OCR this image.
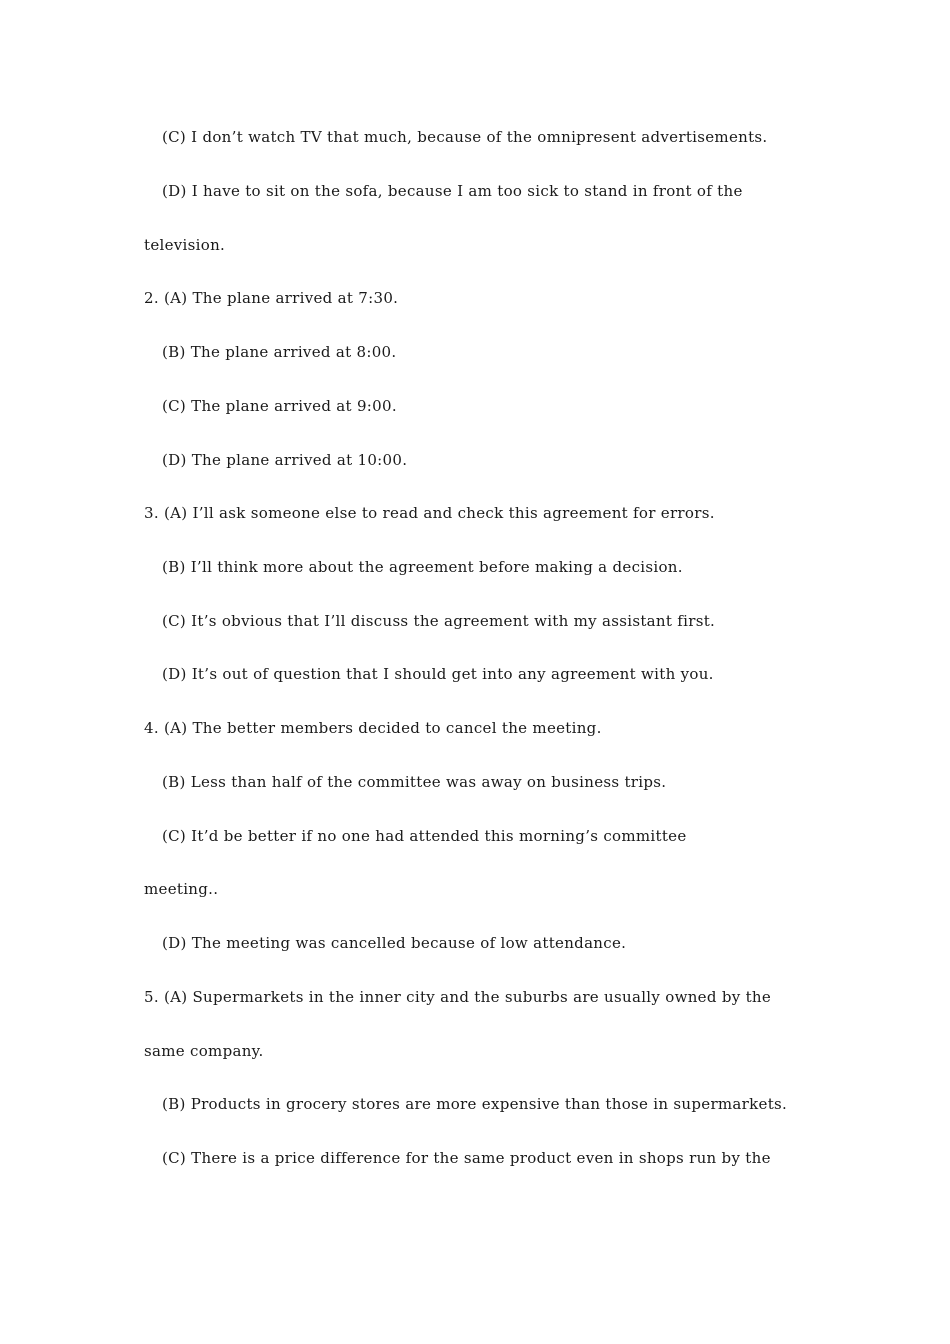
(C) I don’t watch TV that much, because of the omnipresent advertisements.
(D) I have to sit on the sofa, because I am too sick to stand in front of the
television.
2. (A) The plane arrived at 7:30.
(B) The plane arrived at 8:00.
(C) The plane arrived at 9:00.
(D) The plane arrived at 10:00.
3. (A) I’ll ask someone else to read and check this agreement for errors.
(B) I’ll think more about the agreement before making a decision.
(C) It’s obvious that I’ll discuss the agreement with my assistant first.
(D) It’s out of question that I should get into any agreement with you.
4. (A) The better members decided to cancel the meeting.
(B) Less than half of the committee was away on business trips.
(C) It’d be better if no one had attended this morning’s committee
meeting..
(D) The meeting was cancelled because of low attendance.
5. (A) Supermarkets in the inner city and the suburbs are usually owned by the
same company.
(B) Products in grocery stores are more expensive than those in supermarkets.
(C) There is a price difference for the same product even in shops run by the
